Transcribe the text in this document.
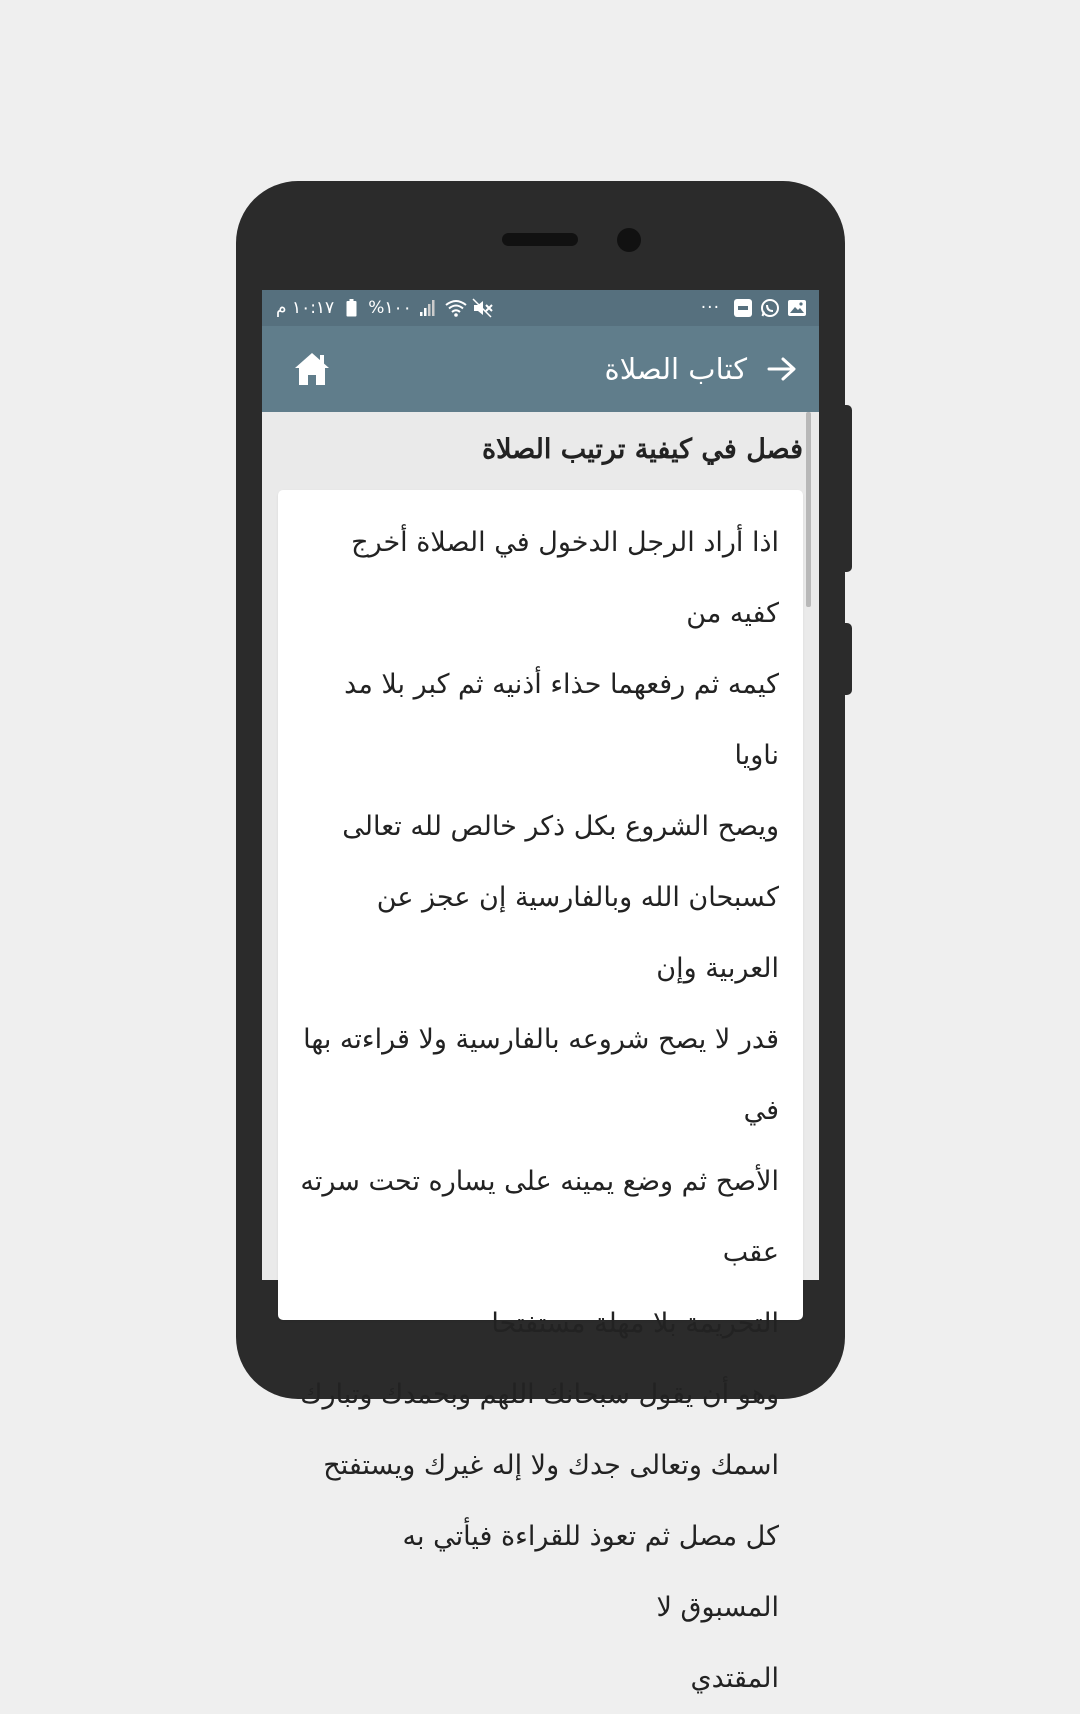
١٠:١٧ م %١٠٠	···
كتاب الصلاة
فصل في كيفية ترتيب الصلاة
اذا أراد الرجل الدخول في الصلاة أخرج كفيه من
كيمه ثم رفعهما حذاء أذنيه ثم كبر بلا مد ناويا
ويصح الشروع بكل ذكر خالص لله تعالى
كسبحان الله وبالفارسية إن عجز عن العربية وإن
قدر لا يصح شروعه بالفارسية ولا قراءته بها في
الأصح ثم وضع يمينه على يساره تحت سرته عقب
التحريمة بلا مهلة مستفتحا
وهو أن يقول سبحانك اللهم وبحمدك وتبارك
اسمك وتعالى جدك ولا إله غيرك ويستفتح
كل مصل ثم تعوذ للقراءة فيأتي به المسبوق لا
المقتدي
